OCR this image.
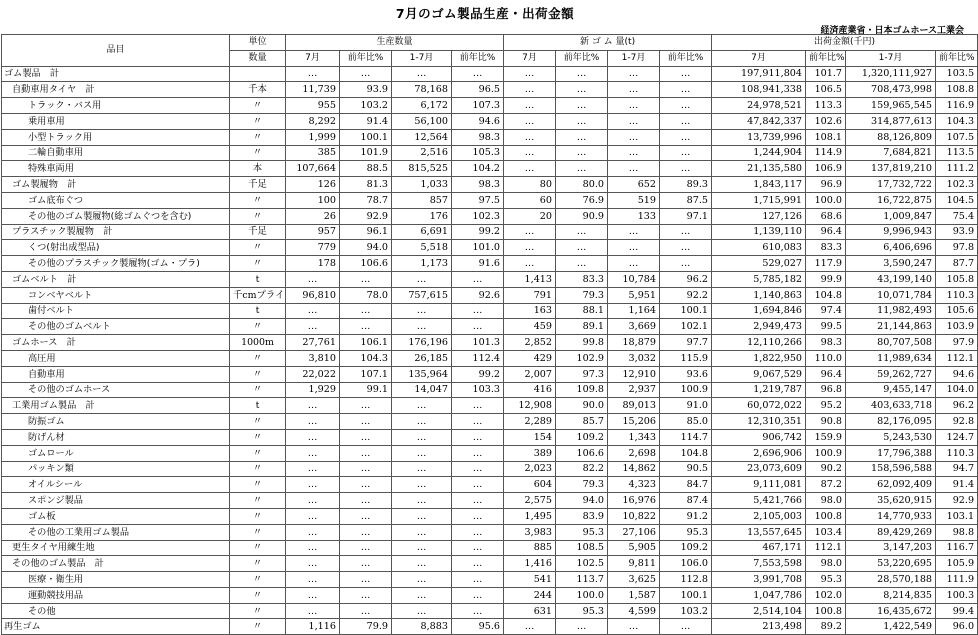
7月のゴム製品生産・出荷金額
経済産業省・日本ゴムホース工業会
品目	単位	生産数量				新 ゴ ム 量(t)				出荷金額(千円)			
	数量	7月	前年比%	1-7月	前年比%	7月	前年比%	1-7月	前年比%	7月	前年比%	1-7月	前年比%
ゴム製品　計		…	…	…	…	…	…	…	…	197,911,804	101.7	1,320,111,927	103.5
自動車用タイヤ　計	千本	11,739	93.9	78,168	96.5	…	…	…	…	108,941,338	106.5	708,473,998	108.8
トラック・バス用	〃	955	103.2	6,172	107.3	…	…	…	…	24,978,521	113.3	159,965,545	116.9
乗用車用	〃	8,292	91.4	56,100	94.6	…	…	…	…	47,842,337	102.6	314,877,613	104.3
小型トラック用	〃	1,999	100.1	12,564	98.3	…	…	…	…	13,739,996	108.1	88,126,809	107.5
二輪自動車用	〃	385	101.9	2,516	105.3	…	…	…	…	1,244,904	114.9	7,684,821	113.5
特殊車両用	本	107,664	88.5	815,525	104.2	…	…	…	…	21,135,580	106.9	137,819,210	111.2
ゴム製履物　計	千足	126	81.3	1,033	98.3	80	80.0	652	89.3	1,843,117	96.9	17,732,722	102.3
ゴム底布ぐつ	〃	100	78.7	857	97.5	60	76.9	519	87.5	1,715,991	100.0	16,722,875	104.5
その他のゴム製履物(総ゴムぐつを含む)	〃	26	92.9	176	102.3	20	90.9	133	97.1	127,126	68.6	1,009,847	75.4
プラスチック製履物　計	千足	957	96.1	6,691	99.2	…	…	…	…	1,139,110	96.4	9,996,943	93.9
くつ(射出成型品)	〃	779	94.0	5,518	101.0	…	…	…	…	610,083	83.3	6,406,696	97.8
その他のプラスチック製履物(ゴム・プラ)	〃	178	106.6	1,173	91.6	…	…	…	…	529,027	117.9	3,590,247	87.7
ゴムベルト　計	t	…	…	…	…	1,413	83.3	10,784	96.2	5,785,182	99.9	43,199,140	105.8
コンベヤベルト	千cmプライ	96,810	78.0	757,615	92.6	791	79.3	5,951	92.2	1,140,863	104.8	10,071,784	110.3
歯付ベルト	t	…	…	…	…	163	88.1	1,164	100.1	1,694,846	97.4	11,982,493	105.6
その他のゴムベルト	〃	…	…	…	…	459	89.1	3,669	102.1	2,949,473	99.5	21,144,863	103.9
ゴムホース　計	1000m	27,761	106.1	176,196	101.3	2,852	99.8	18,879	97.7	12,110,266	98.3	80,707,508	97.9
高圧用	〃	3,810	104.3	26,185	112.4	429	102.9	3,032	115.9	1,822,950	110.0	11,989,634	112.1
自動車用	〃	22,022	107.1	135,964	99.2	2,007	97.3	12,910	93.6	9,067,529	96.4	59,262,727	94.6
その他のゴムホース	〃	1,929	99.1	14,047	103.3	416	109.8	2,937	100.9	1,219,787	96.8	9,455,147	104.0
工業用ゴム製品　計	t	…	…	…	…	12,908	90.0	89,013	91.0	60,072,022	95.2	403,633,718	96.2
防振ゴム	〃	…	…	…	…	2,289	85.7	15,206	85.0	12,310,351	90.8	82,176,095	92.8
防げん材	〃	…	…	…	…	154	109.2	1,343	114.7	906,742	159.9	5,243,530	124.7
ゴムロール	〃	…	…	…	…	389	106.6	2,698	104.8	2,696,906	100.9	17,796,388	110.3
パッキン類	〃	…	…	…	…	2,023	82.2	14,862	90.5	23,073,609	90.2	158,596,588	94.7
オイルシール	〃	…	…	…	…	604	79.3	4,323	84.7	9,111,081	87.2	62,092,409	91.4
スポンジ製品	〃	…	…	…	…	2,575	94.0	16,976	87.4	5,421,766	98.0	35,620,915	92.9
ゴム板	〃	…	…	…	…	1,495	83.9	10,822	91.2	2,105,003	100.8	14,770,933	103.1
その他の工業用ゴム製品	〃	…	…	…	…	3,983	95.3	27,106	95.3	13,557,645	103.4	89,429,269	98.8
更生タイヤ用練生地	〃	…	…	…	…	885	108.5	5,905	109.2	467,171	112.1	3,147,203	116.7
その他のゴム製品　計	〃	…	…	…	…	1,416	102.5	9,811	106.0	7,553,598	98.0	53,220,695	105.9
医療・衛生用	〃	…	…	…	…	541	113.7	3,625	112.8	3,991,708	95.3	28,570,188	111.9
運動競技用品	〃	…	…	…	…	244	100.0	1,587	100.1	1,047,786	102.0	8,214,835	100.3
その他	〃	…	…	…	…	631	95.3	4,599	103.2	2,514,104	100.8	16,435,672	99.4
再生ゴム	〃	1,116	79.9	8,883	95.6	…	…	…	…	213,498	89.2	1,422,549	96.0
